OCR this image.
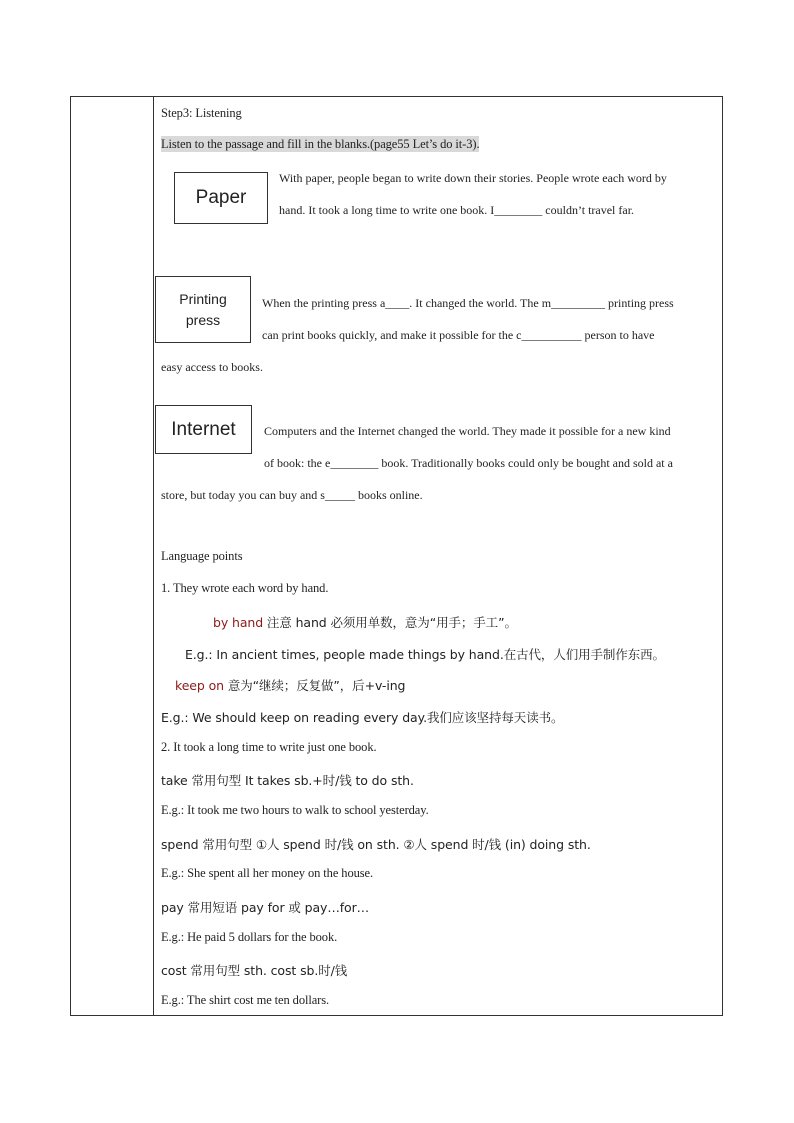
Step3: Listening
Listen to the passage and fill in the blanks.(page55 Let’s do it-3).
Paper
With paper, people began to write down their stories. People wrote each word by
hand. It took a long time to write one book. I________ couldn’t travel far.
Printing press
When the printing press a____. It changed the world. The m_________ printing press
can print books quickly, and make it possible for the c__________ person to have
easy access to books.
Internet Computers and the Internet changed the world. They made it possible for a new kind
of book: the e________ book. Traditionally books could only be bought and sold at a
store, but today you can buy and s_____ books online.
Language points
1. They wrote each word by hand.
by hand 注意 hand 必须用单数，意为“用手；手工”。
E.g.: In ancient times, people made things by hand.在古代，人们用手制作东西。
keep on 意为“继续；反复做”，后+v-ing
E.g.: We should keep on reading every day.我们应该坚持每天读书。
2. It took a long time to write just one book.
take 常用句型 It takes sb.+时/钱 to do sth.
E.g.: It took me two hours to walk to school yesterday.
spend 常用句型 ①人 spend 时/钱 on sth. ②人 spend 时/钱 (in) doing sth.
E.g.: She spent all her money on the house.
pay 常用短语 pay for 或 pay…for…
E.g.: He paid 5 dollars for the book.
cost 常用句型 sth. cost sb.时/钱
E.g.: The shirt cost me ten dollars.
